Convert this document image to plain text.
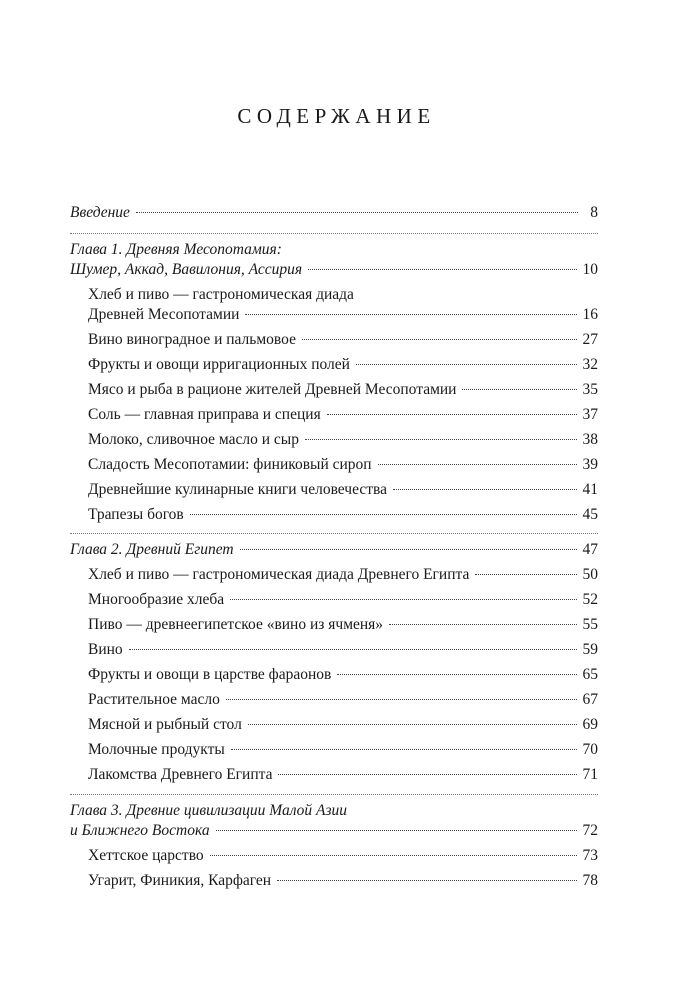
СОДЕРЖАНИЕ
Введение	8
Глава 1. Древняя Месопотамия:
Шумер, Аккад, Вавилония, Ассирия	10
Хлеб и пиво — гастрономическая диада
Древней Месопотамии	16
Вино виноградное и пальмовое	27
Фрукты и овощи ирригационных полей	32
Мясо и рыба в рационе жителей Древней Месопотамии	35
Соль — главная приправа и специя	37
Молоко, сливочное масло и сыр	38
Сладость Месопотамии: финиковый сироп	39
Древнейшие кулинарные книги человечества	41
Трапезы богов	45
Глава 2. Древний Египет	47
Хлеб и пиво — гастрономическая диада Древнего Египта	50
Многообразие хлеба	52
Пиво — древнеегипетское «вино из ячменя»	55
Вино	59
Фрукты и овощи в царстве фараонов	65
Растительное масло	67
Мясной и рыбный стол	69
Молочные продукты	70
Лакомства Древнего Египта	71
Глава 3. Древние цивилизации Малой Азии
и Ближнего Востока	72
Хеттское царство	73
Угарит, Финикия, Карфаген	78
